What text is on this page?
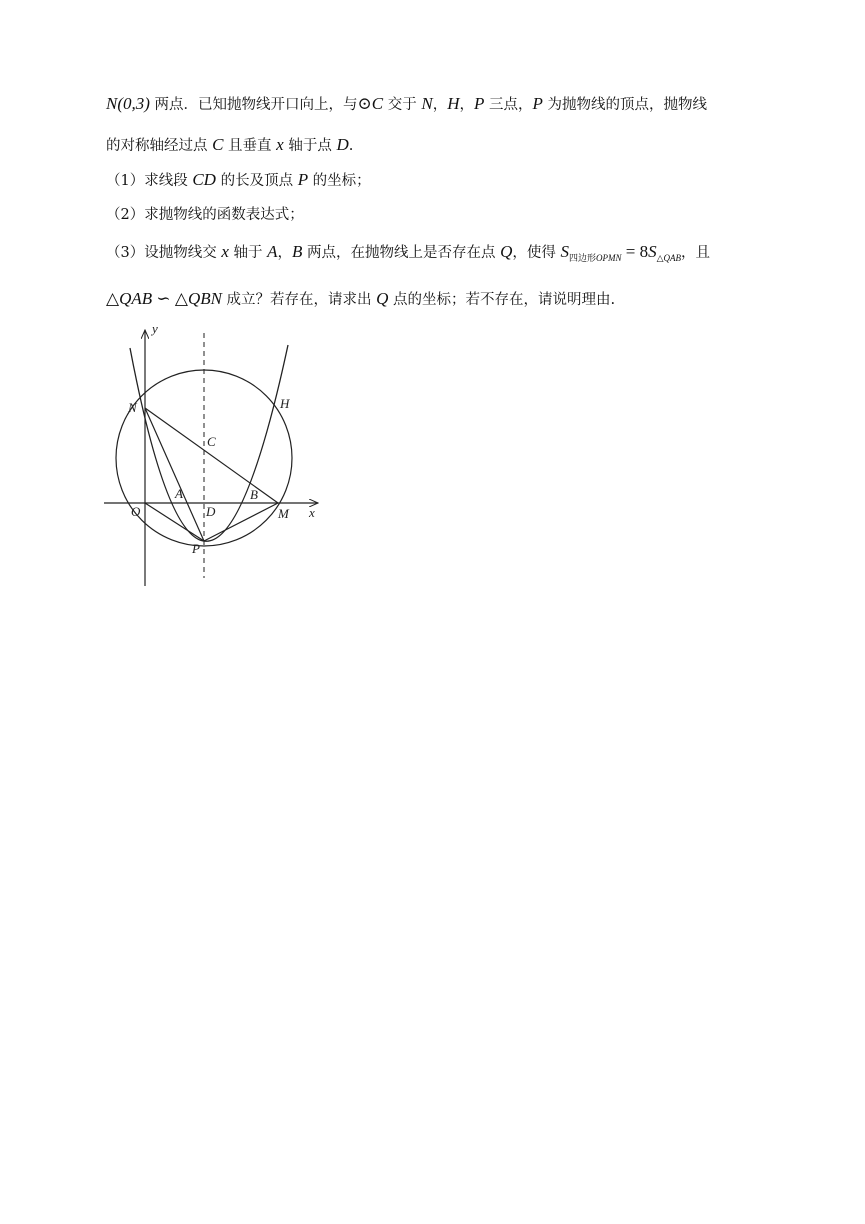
N(0,3) 两点．已知抛物线开口向上，与⊙C 交于 N，H，P 三点，P 为抛物线的顶点，抛物线
的对称轴经过点 C 且垂直 x 轴于点 D.
（1）求线段 CD 的长及顶点 P 的坐标；
（2）求抛物线的函数表达式；
（3）设抛物线交 x 轴于 A，B 两点，在抛物线上是否存在点 Q，使得 $S_{四边形OPMN} = 8S_{\triangle QAB}$，且
△QAB ∽ △QBN 成立？若存在，请求出 Q 点的坐标；若不存在，请说明理由.
y
x
N	H
C
A	B
O	D	M
P
